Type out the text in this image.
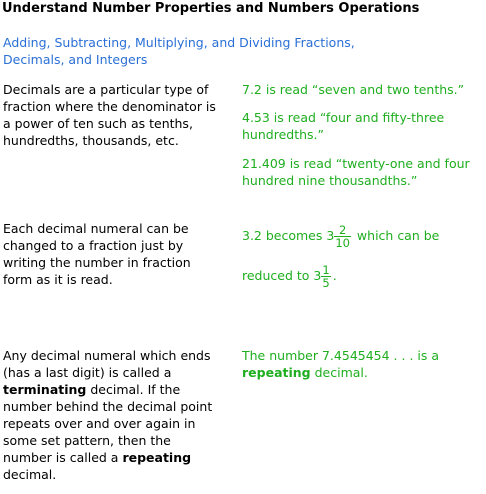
Understand Number Properties and Numbers Operations
Adding, Subtracting, Multiplying, and Dividing Fractions, Decimals, and Integers
Decimals are a particular type of fraction where the denominator is a power of ten such as tenths, hundredths, thousands, etc.
7.2 is read “seven and two tenths.”
4.53 is read “four and fifty-three hundredths.”
21.409 is read “twenty-one and four hundred nine thousandths.”
Each decimal numeral can be changed to a fraction just by writing the number in fraction form as it is read.
3.2 becomes $3 \frac{2}{10}$ which can be
reduced to $3 \frac{1}{5}$ .
Any decimal numeral which ends (has a last digit) is called a terminating decimal. If the number behind the decimal point repeats over and over again in some set pattern, then the number is called a repeating decimal.
The number 7.4545454 . . . is a repeating decimal.
